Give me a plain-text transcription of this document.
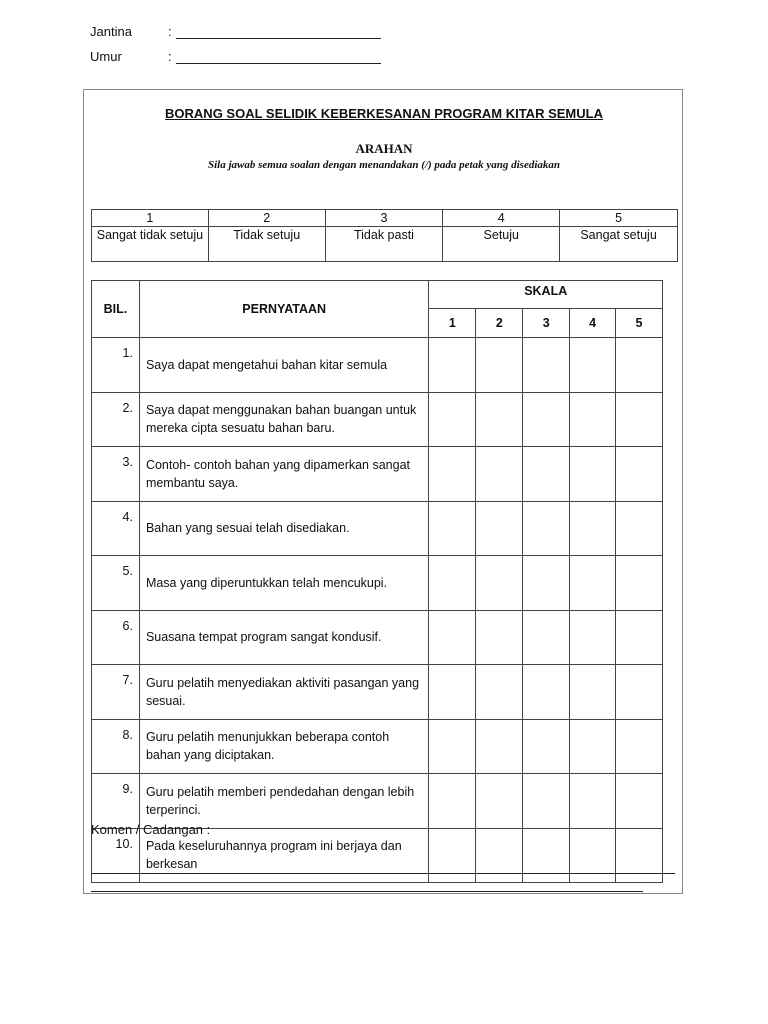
Jantina	:
Umur	:
BORANG SOAL SELIDIK KEBERKESANAN PROGRAM KITAR SEMULA
ARAHAN
Sila jawab semua soalan dengan menandakan (/) pada petak yang disediakan
1	2	3	4	5
Sangat tidak setuju	Tidak setuju	Tidak pasti	Setuju	Sangat setuju
BIL.	PERNYATAAN	SKALA				
		1	2	3	4	5
1.	Saya dapat mengetahui bahan kitar semula					
2.	Saya dapat menggunakan bahan buangan untuk mereka cipta sesuatu bahan baru.					
3.	Contoh- contoh bahan yang dipamerkan sangat membantu saya.					
4.	Bahan yang sesuai telah disediakan.					
5.	Masa yang diperuntukkan telah mencukupi.					
6.	Suasana tempat program sangat kondusif.					
7.	Guru pelatih menyediakan aktiviti pasangan yang sesuai.					
8.	Guru pelatih menunjukkan beberapa contoh bahan yang diciptakan.					
9.	Guru pelatih memberi pendedahan dengan lebih terperinci.					
10.	Pada keseluruhannya program ini berjaya dan berkesan					
Komen / Cadangan :
